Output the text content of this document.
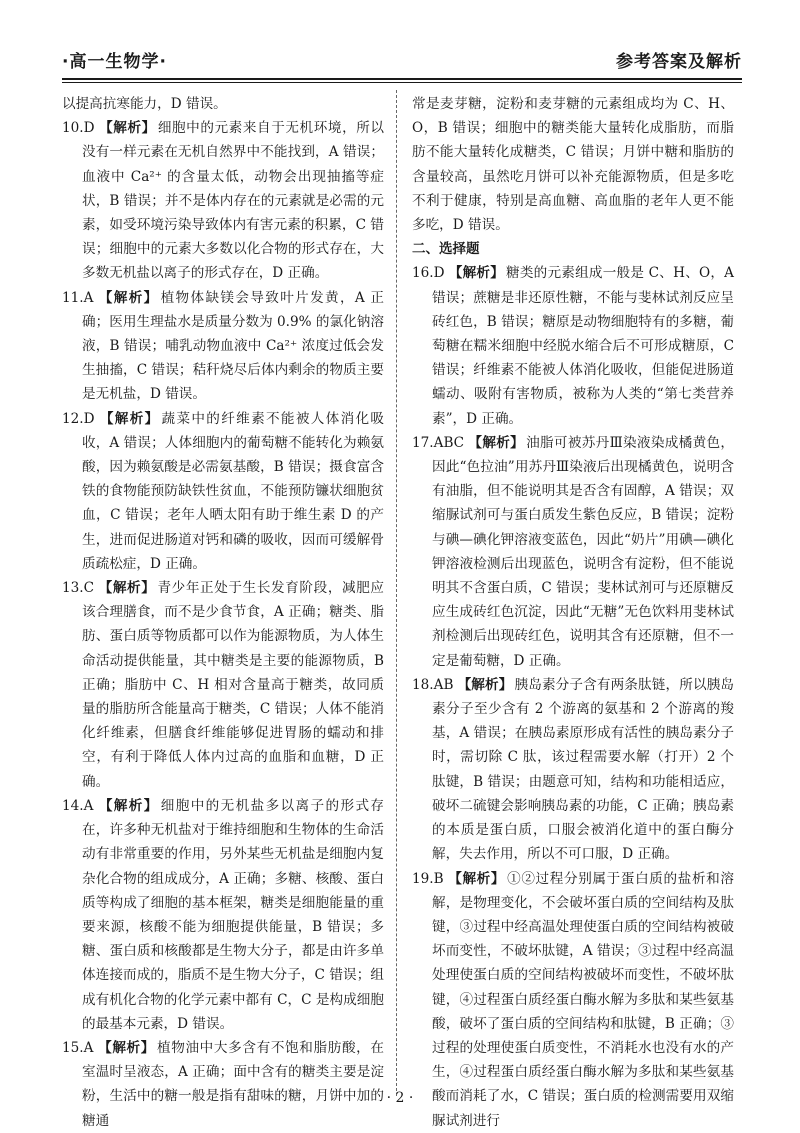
·高一生物学·	参考答案及解析

以提高抗寒能力，D 错误。

10.D 【解析】 细胞中的元素来自于无机环境，所以没有一样元素在无机自然界中不能找到，A 错误；血液中 Ca²⁺ 的含量太低，动物会出现抽搐等症状，B 错误；并不是体内存在的元素就是必需的元素，如受环境污染导致体内有害元素的积累，C 错误；细胞中的元素大多数以化合物的形式存在，大多数无机盐以离子的形式存在，D 正确。

11.A 【解析】 植物体缺镁会导致叶片发黄，A 正确；医用生理盐水是质量分数为 0.9% 的氯化钠溶液，B 错误；哺乳动物血液中 Ca²⁺ 浓度过低会发生抽搐，C 错误；秸秆烧尽后体内剩余的物质主要是无机盐，D 错误。

12.D 【解析】 蔬菜中的纤维素不能被人体消化吸收，A 错误；人体细胞内的葡萄糖不能转化为赖氨酸，因为赖氨酸是必需氨基酸，B 错误；摄食富含铁的食物能预防缺铁性贫血，不能预防镰状细胞贫血，C 错误；老年人晒太阳有助于维生素 D 的产生，进而促进肠道对钙和磷的吸收，因而可缓解骨质疏松症，D 正确。

13.C 【解析】 青少年正处于生长发育阶段，减肥应该合理膳食，而不是少食节食，A 正确；糖类、脂肪、蛋白质等物质都可以作为能源物质，为人体生命活动提供能量，其中糖类是主要的能源物质，B 正确；脂肪中 C、H 相对含量高于糖类，故同质量的脂肪所含能量高于糖类，C 错误；人体不能消化纤维素，但膳食纤维能够促进胃肠的蠕动和排空，有利于降低人体内过高的血脂和血糖，D 正确。

14.A 【解析】 细胞中的无机盐多以离子的形式存在，许多种无机盐对于维持细胞和生物体的生命活动有非常重要的作用，另外某些无机盐是细胞内复杂化合物的组成成分，A 正确；多糖、核酸、蛋白质等构成了细胞的基本框架，糖类是细胞能量的重要来源，核酸不能为细胞提供能量，B 错误；多糖、蛋白质和核酸都是生物大分子，都是由许多单体连接而成的，脂质不是生物大分子，C 错误；组成有机化合物的化学元素中都有 C，C 是构成细胞的最基本元素，D 错误。

15.A 【解析】 植物油中大多含有不饱和脂肪酸，在室温时呈液态，A 正确；面中含有的糖类主要是淀粉，生活中的糖一般是指有甜味的糖，月饼中加的糖通

常是麦芽糖，淀粉和麦芽糖的元素组成均为 C、H、O，B 错误；细胞中的糖类能大量转化成脂肪，而脂肪不能大量转化成糖类，C 错误；月饼中糖和脂肪的含量较高，虽然吃月饼可以补充能源物质，但是多吃不利于健康，特别是高血糖、高血脂的老年人更不能多吃，D 错误。

二、选择题

16.D 【解析】 糖类的元素组成一般是 C、H、O，A 错误；蔗糖是非还原性糖，不能与斐林试剂反应呈砖红色，B 错误；糖原是动物细胞特有的多糖，葡萄糖在糯米细胞中经脱水缩合后不可形成糖原，C 错误；纤维素不能被人体消化吸收，但能促进肠道蠕动、吸附有害物质，被称为人类的“第七类营养素”，D 正确。

17.ABC 【解析】 油脂可被苏丹Ⅲ染液染成橘黄色，因此“色拉油”用苏丹Ⅲ染液后出现橘黄色，说明含有油脂，但不能说明其是否含有固醇，A 错误；双缩脲试剂可与蛋白质发生紫色反应，B 错误；淀粉与碘—碘化钾溶液变蓝色，因此“奶片”用碘—碘化钾溶液检测后出现蓝色，说明含有淀粉，但不能说明其不含蛋白质，C 错误；斐林试剂可与还原糖反应生成砖红色沉淀，因此“无糖”无色饮料用斐林试剂检测后出现砖红色，说明其含有还原糖，但不一定是葡萄糖，D 正确。

18.AB 【解析】 胰岛素分子含有两条肽链，所以胰岛素分子至少含有 2 个游离的氨基和 2 个游离的羧基，A 错误；在胰岛素原形成有活性的胰岛素分子时，需切除 C 肽，该过程需要水解（打开）2 个肽键，B 错误；由题意可知，结构和功能相适应，破坏二硫键会影响胰岛素的功能，C 正确；胰岛素的本质是蛋白质，口服会被消化道中的蛋白酶分解，失去作用，所以不可口服，D 正确。

19.B 【解析】 ①②过程分别属于蛋白质的盐析和溶解，是物理变化，不会破坏蛋白质的空间结构及肽键，③过程中经高温处理使蛋白质的空间结构被破坏而变性，不破坏肽键，A 错误；③过程中经高温处理使蛋白质的空间结构被破坏而变性，不破坏肽键，④过程蛋白质经蛋白酶水解为多肽和某些氨基酸，破坏了蛋白质的空间结构和肽键，B 正确；③过程的处理使蛋白质变性，不消耗水也没有水的产生，④过程蛋白质经蛋白酶水解为多肽和某些氨基酸而消耗了水，C 错误；蛋白质的检测需要用双缩脲试剂进行

· 2 ·
